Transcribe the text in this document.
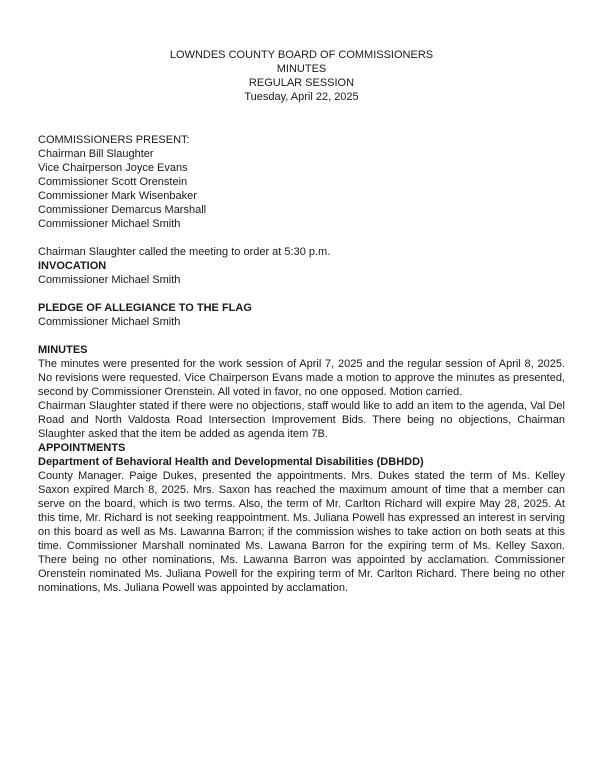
LOWNDES COUNTY BOARD OF COMMISSIONERS

MINUTES

REGULAR SESSION

Tuesday, April 22, 2025

COMMISSIONERS PRESENT:
Chairman Bill Slaughter
Vice Chairperson Joyce Evans
Commissioner Scott Orenstein
Commissioner Mark Wisenbaker
Commissioner Demarcus Marshall
Commissioner Michael Smith

Chairman Slaughter called the meeting to order at 5:30 p.m.

INVOCATION
Commissioner Michael Smith
PLEDGE OF ALLEGIANCE TO THE FLAG
Commissioner Michael Smith

MINUTES

The minutes were presented for the work session of April 7, 2025 and the regular session of April 8, 2025. No revisions were requested. Vice Chairperson Evans made a motion to approve the minutes as presented, second by Commissioner Orenstein. All voted in favor, no one opposed. Motion carried.

Chairman Slaughter stated if there were no objections, staff would like to add an item to the agenda, Val Del Road and North Valdosta Road Intersection Improvement Bids. There being no objections, Chairman Slaughter asked that the item be added as agenda item 7B.

APPOINTMENTS

Department of Behavioral Health and Developmental Disabilities (DBHDD)
County Manager. Paige Dukes, presented the appointments. Mrs. Dukes stated the term of Ms. Kelley Saxon expired March 8, 2025. Mrs. Saxon has reached the maximum amount of time that a member can serve on the board, which is two terms. Also, the term of Mr. Carlton Richard will expire May 28, 2025. At this time, Mr. Richard is not seeking reappointment. Ms. Juliana Powell has expressed an interest in serving on this board as well as Ms. Lawanna Barron; if the commission wishes to take action on both seats at this time. Commissioner Marshall nominated Ms. Lawana Barron for the expiring term of Ms. Kelley Saxon. There being no other nominations, Ms. Lawanna Barron was appointed by acclamation. Commissioner Orenstein nominated Ms. Juliana Powell for the expiring term of Mr. Carlton Richard. There being no other nominations, Ms. Juliana Powell was appointed by acclamation.
